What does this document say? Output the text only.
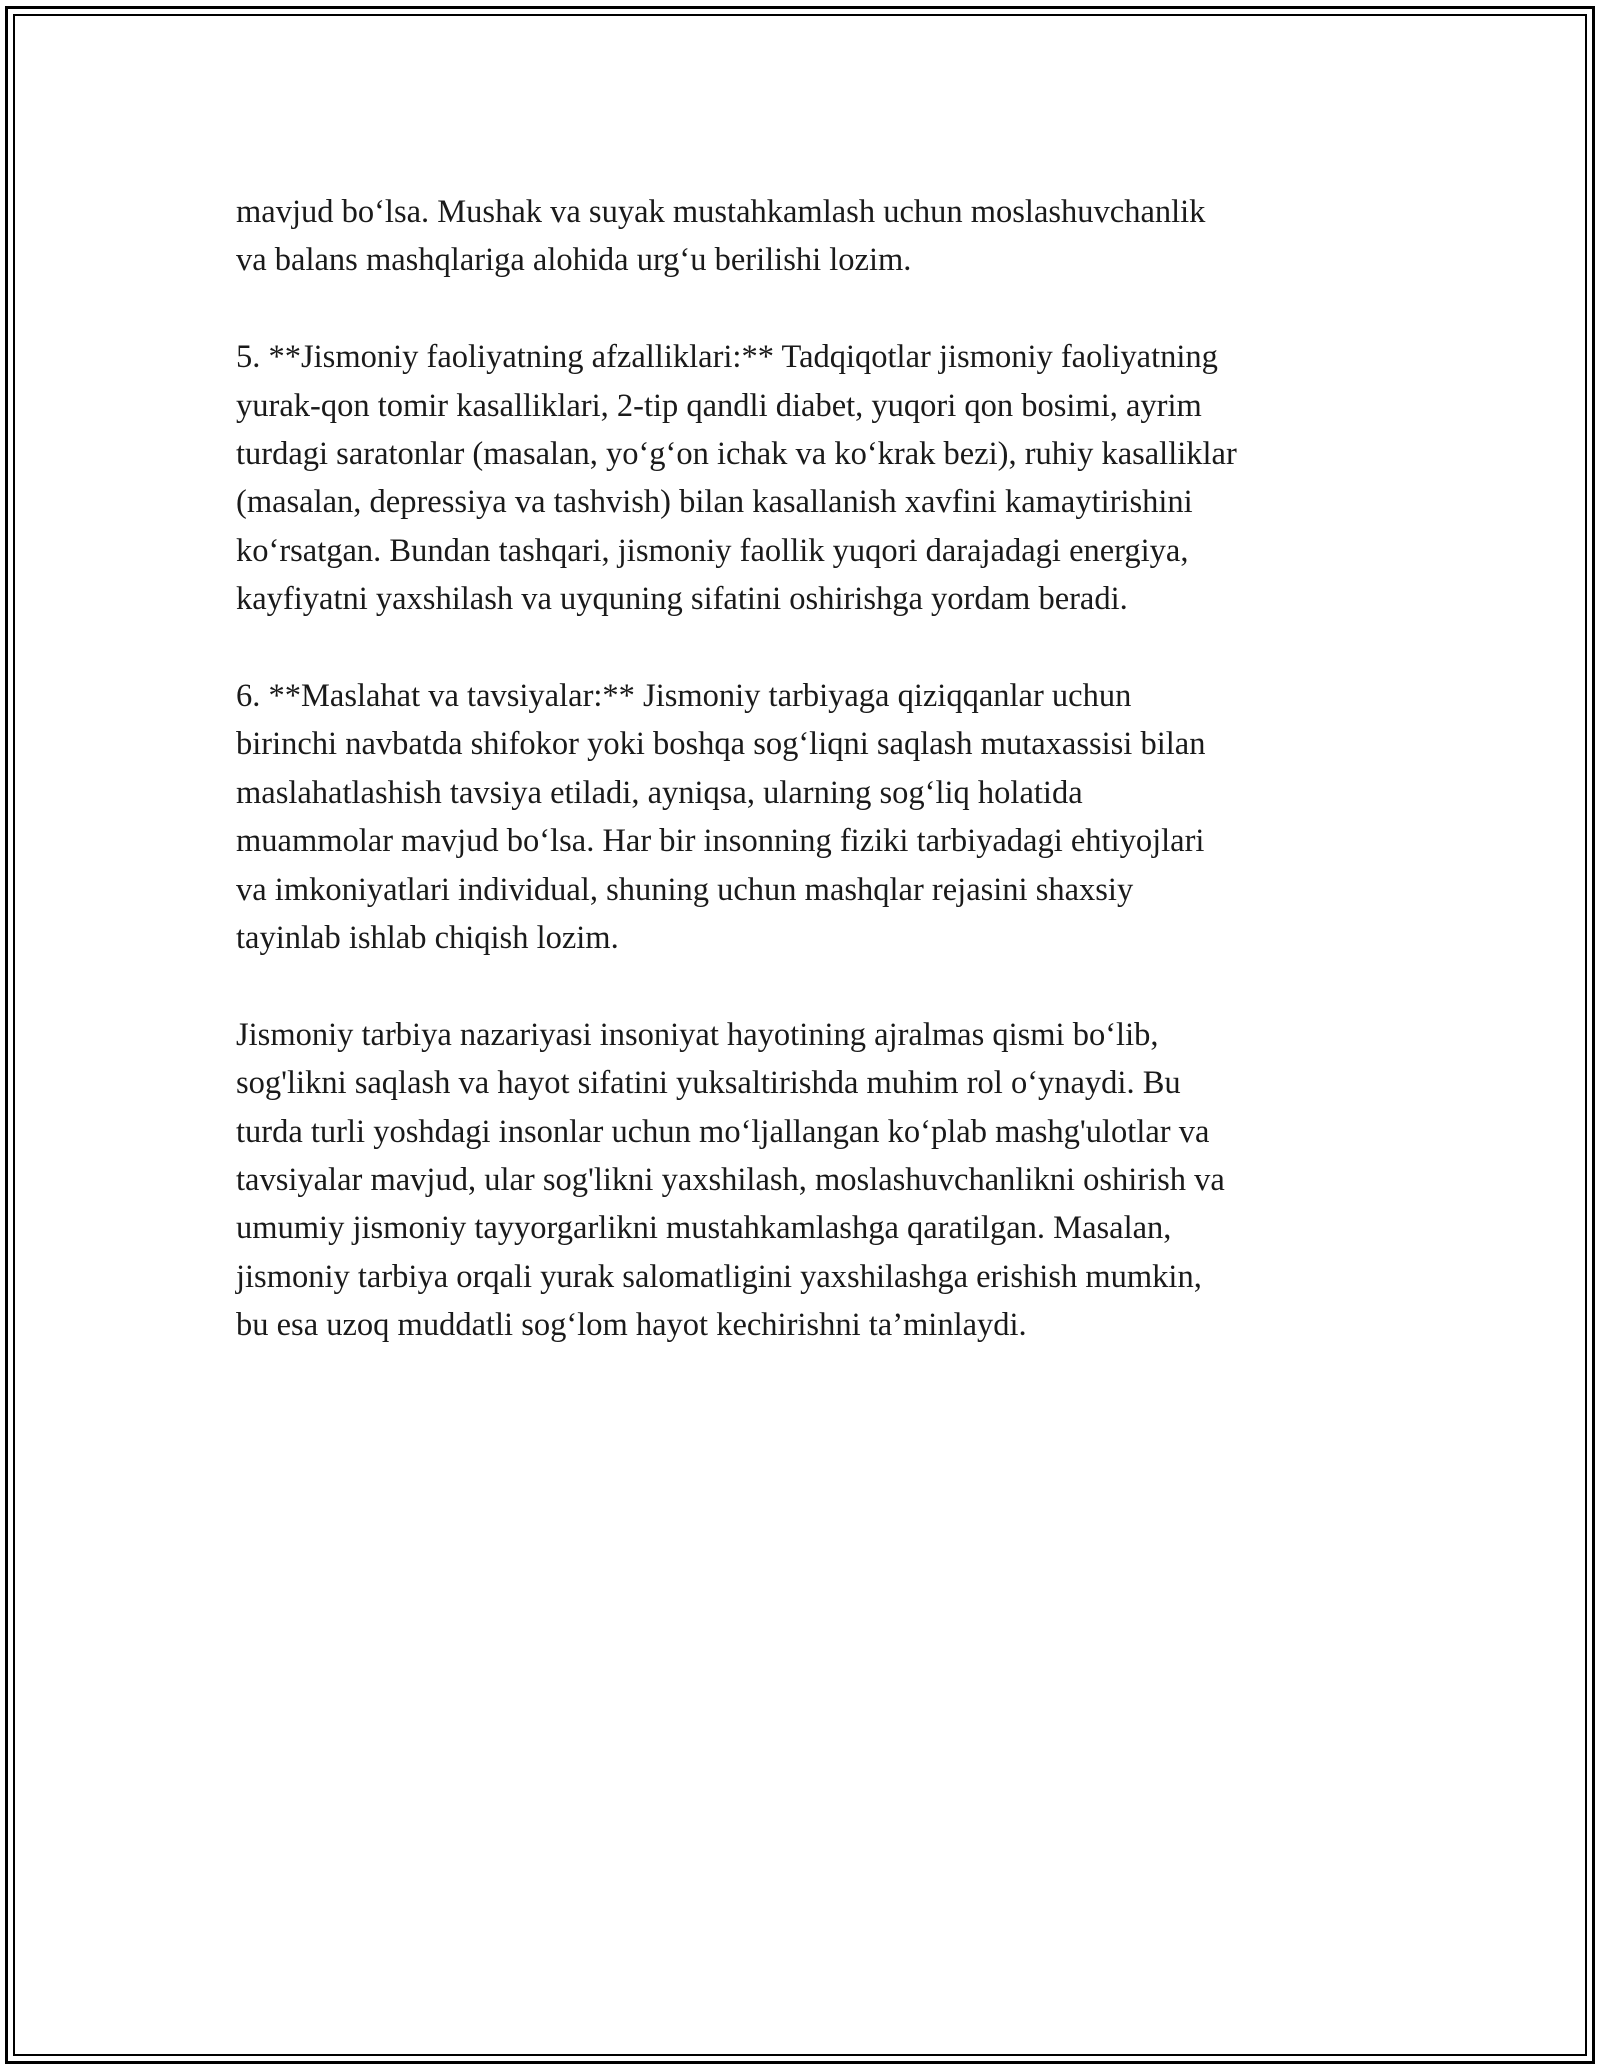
mavjud bo‘lsa. Mushak va suyak mustahkamlash uchun moslashuvchanlik
va balans mashqlariga alohida urg‘u berilishi lozim.

5. **Jismoniy faoliyatning afzalliklari:** Tadqiqotlar jismoniy faoliyatning
yurak-qon tomir kasalliklari, 2-tip qandli diabet, yuqori qon bosimi, ayrim
turdagi saratonlar (masalan, yo‘g‘on ichak va ko‘krak bezi), ruhiy kasalliklar
(masalan, depressiya va tashvish) bilan kasallanish xavfini kamaytirishini
ko‘rsatgan. Bundan tashqari, jismoniy faollik yuqori darajadagi energiya,
kayfiyatni yaxshilash va uyquning sifatini oshirishga yordam beradi.

6. **Maslahat va tavsiyalar:** Jismoniy tarbiyaga qiziqqanlar uchun
birinchi navbatda shifokor yoki boshqa sog‘liqni saqlash mutaxassisi bilan
maslahatlashish tavsiya etiladi, ayniqsa, ularning sog‘liq holatida
muammolar mavjud bo‘lsa. Har bir insonning fiziki tarbiyadagi ehtiyojlari
va imkoniyatlari individual, shuning uchun mashqlar rejasini shaxsiy
tayinlab ishlab chiqish lozim.

Jismoniy tarbiya nazariyasi insoniyat hayotining ajralmas qismi bo‘lib,
sog'likni saqlash va hayot sifatini yuksaltirishda muhim rol o‘ynaydi. Bu
turda turli yoshdagi insonlar uchun mo‘ljallangan ko‘plab mashg'ulotlar va
tavsiyalar mavjud, ular sog'likni yaxshilash, moslashuvchanlikni oshirish va
umumiy jismoniy tayyorgarlikni mustahkamlashga qaratilgan. Masalan,
jismoniy tarbiya orqali yurak salomatligini yaxshilashga erishish mumkin,
bu esa uzoq muddatli sog‘lom hayot kechirishni ta’minlaydi.
